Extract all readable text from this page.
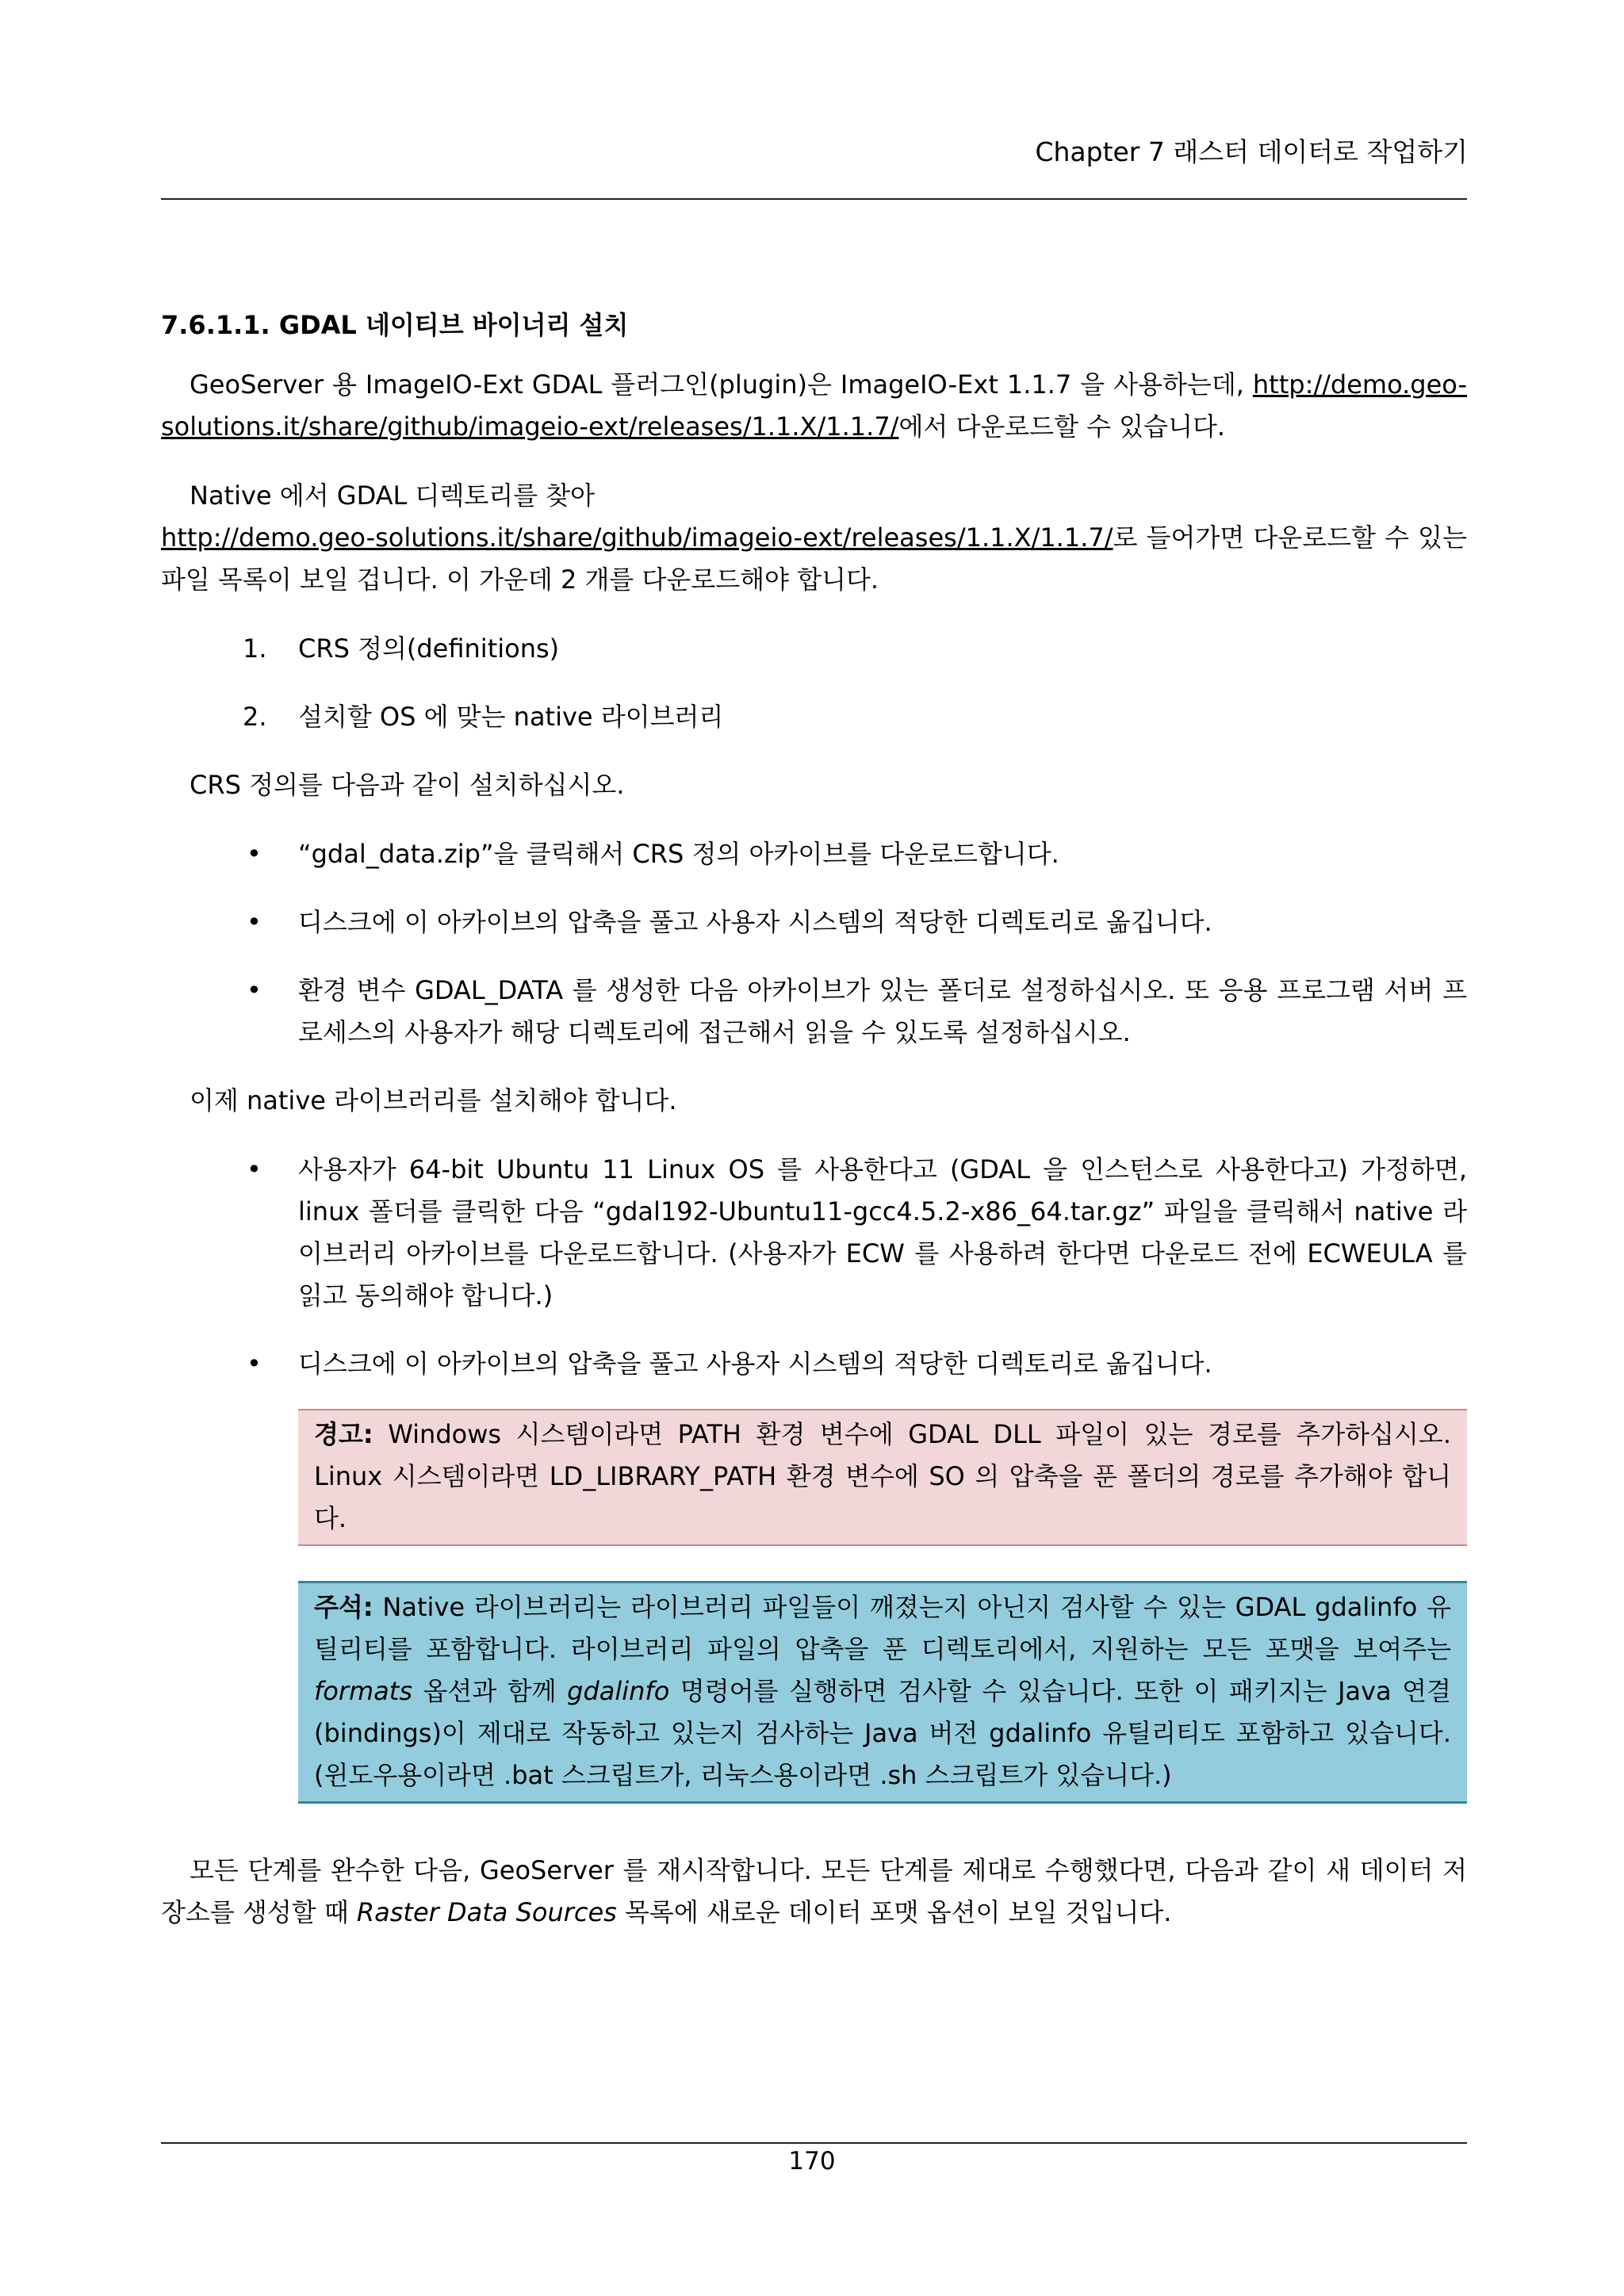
Chapter 7 래스터 데이터로 작업하기
7.6.1.1. GDAL 네이티브 바이너리 설치

GeoServer 용 ImageIO-Ext GDAL 플러그인(plugin)은 ImageIO-Ext 1.1.7 을 사용하는데, http://demo.geo-solutions.it/share/github/imageio-ext/releases/1.1.X/1.1.7/에서 다운로드할 수 있습니다.

Native 에서 GDAL 디렉토리를 찾아
http://demo.geo-solutions.it/share/github/imageio-ext/releases/1.1.X/1.1.7/로 들어가면 다운로드할 수 있는 파일 목록이 보일 겁니다. 이 가운데 2 개를 다운로드해야 합니다.

1. CRS 정의(definitions)
2. 설치할 OS 에 맞는 native 라이브러리

CRS 정의를 다음과 같이 설치하십시오.

• “gdal_data.zip”을 클릭해서 CRS 정의 아카이브를 다운로드합니다.
• 디스크에 이 아카이브의 압축을 풀고 사용자 시스템의 적당한 디렉토리로 옮깁니다.
• 환경 변수 GDAL_DATA 를 생성한 다음 아카이브가 있는 폴더로 설정하십시오. 또 응용 프로그램 서버 프로세스의 사용자가 해당 디렉토리에 접근해서 읽을 수 있도록 설정하십시오.

이제 native 라이브러리를 설치해야 합니다.

• 사용자가 64-bit Ubuntu 11 Linux OS 를 사용한다고 (GDAL 을 인스턴스로 사용한다고) 가정하면, linux 폴더를 클릭한 다음 “gdal192-Ubuntu11-gcc4.5.2-x86_64.tar.gz” 파일을 클릭해서 native 라이브러리 아카이브를 다운로드합니다. (사용자가 ECW 를 사용하려 한다면 다운로드 전에 ECWEULA 를 읽고 동의해야 합니다.)
• 디스크에 이 아카이브의 압축을 풀고 사용자 시스템의 적당한 디렉토리로 옮깁니다.
경고: Windows 시스템이라면 PATH 환경 변수에 GDAL DLL 파일이 있는 경로를 추가하십시오. Linux 시스템이라면 LD_LIBRARY_PATH 환경 변수에 SO 의 압축을 푼 폴더의 경로를 추가해야 합니다.
주석: Native 라이브러리는 라이브러리 파일들이 깨졌는지 아닌지 검사할 수 있는 GDAL gdalinfo 유틸리티를 포함합니다. 라이브러리 파일의 압축을 푼 디렉토리에서, 지원하는 모든 포맷을 보여주는 formats 옵션과 함께 gdalinfo 명령어를 실행하면 검사할 수 있습니다. 또한 이 패키지는 Java 연결(bindings)이 제대로 작동하고 있는지 검사하는 Java 버전 gdalinfo 유틸리티도 포함하고 있습니다. (윈도우용이라면 .bat 스크립트가, 리눅스용이라면 .sh 스크립트가 있습니다.)

모든 단계를 완수한 다음, GeoServer 를 재시작합니다. 모든 단계를 제대로 수행했다면, 다음과 같이 새 데이터 저장소를 생성할 때 Raster Data Sources 목록에 새로운 데이터 포맷 옵션이 보일 것입니다.

170
